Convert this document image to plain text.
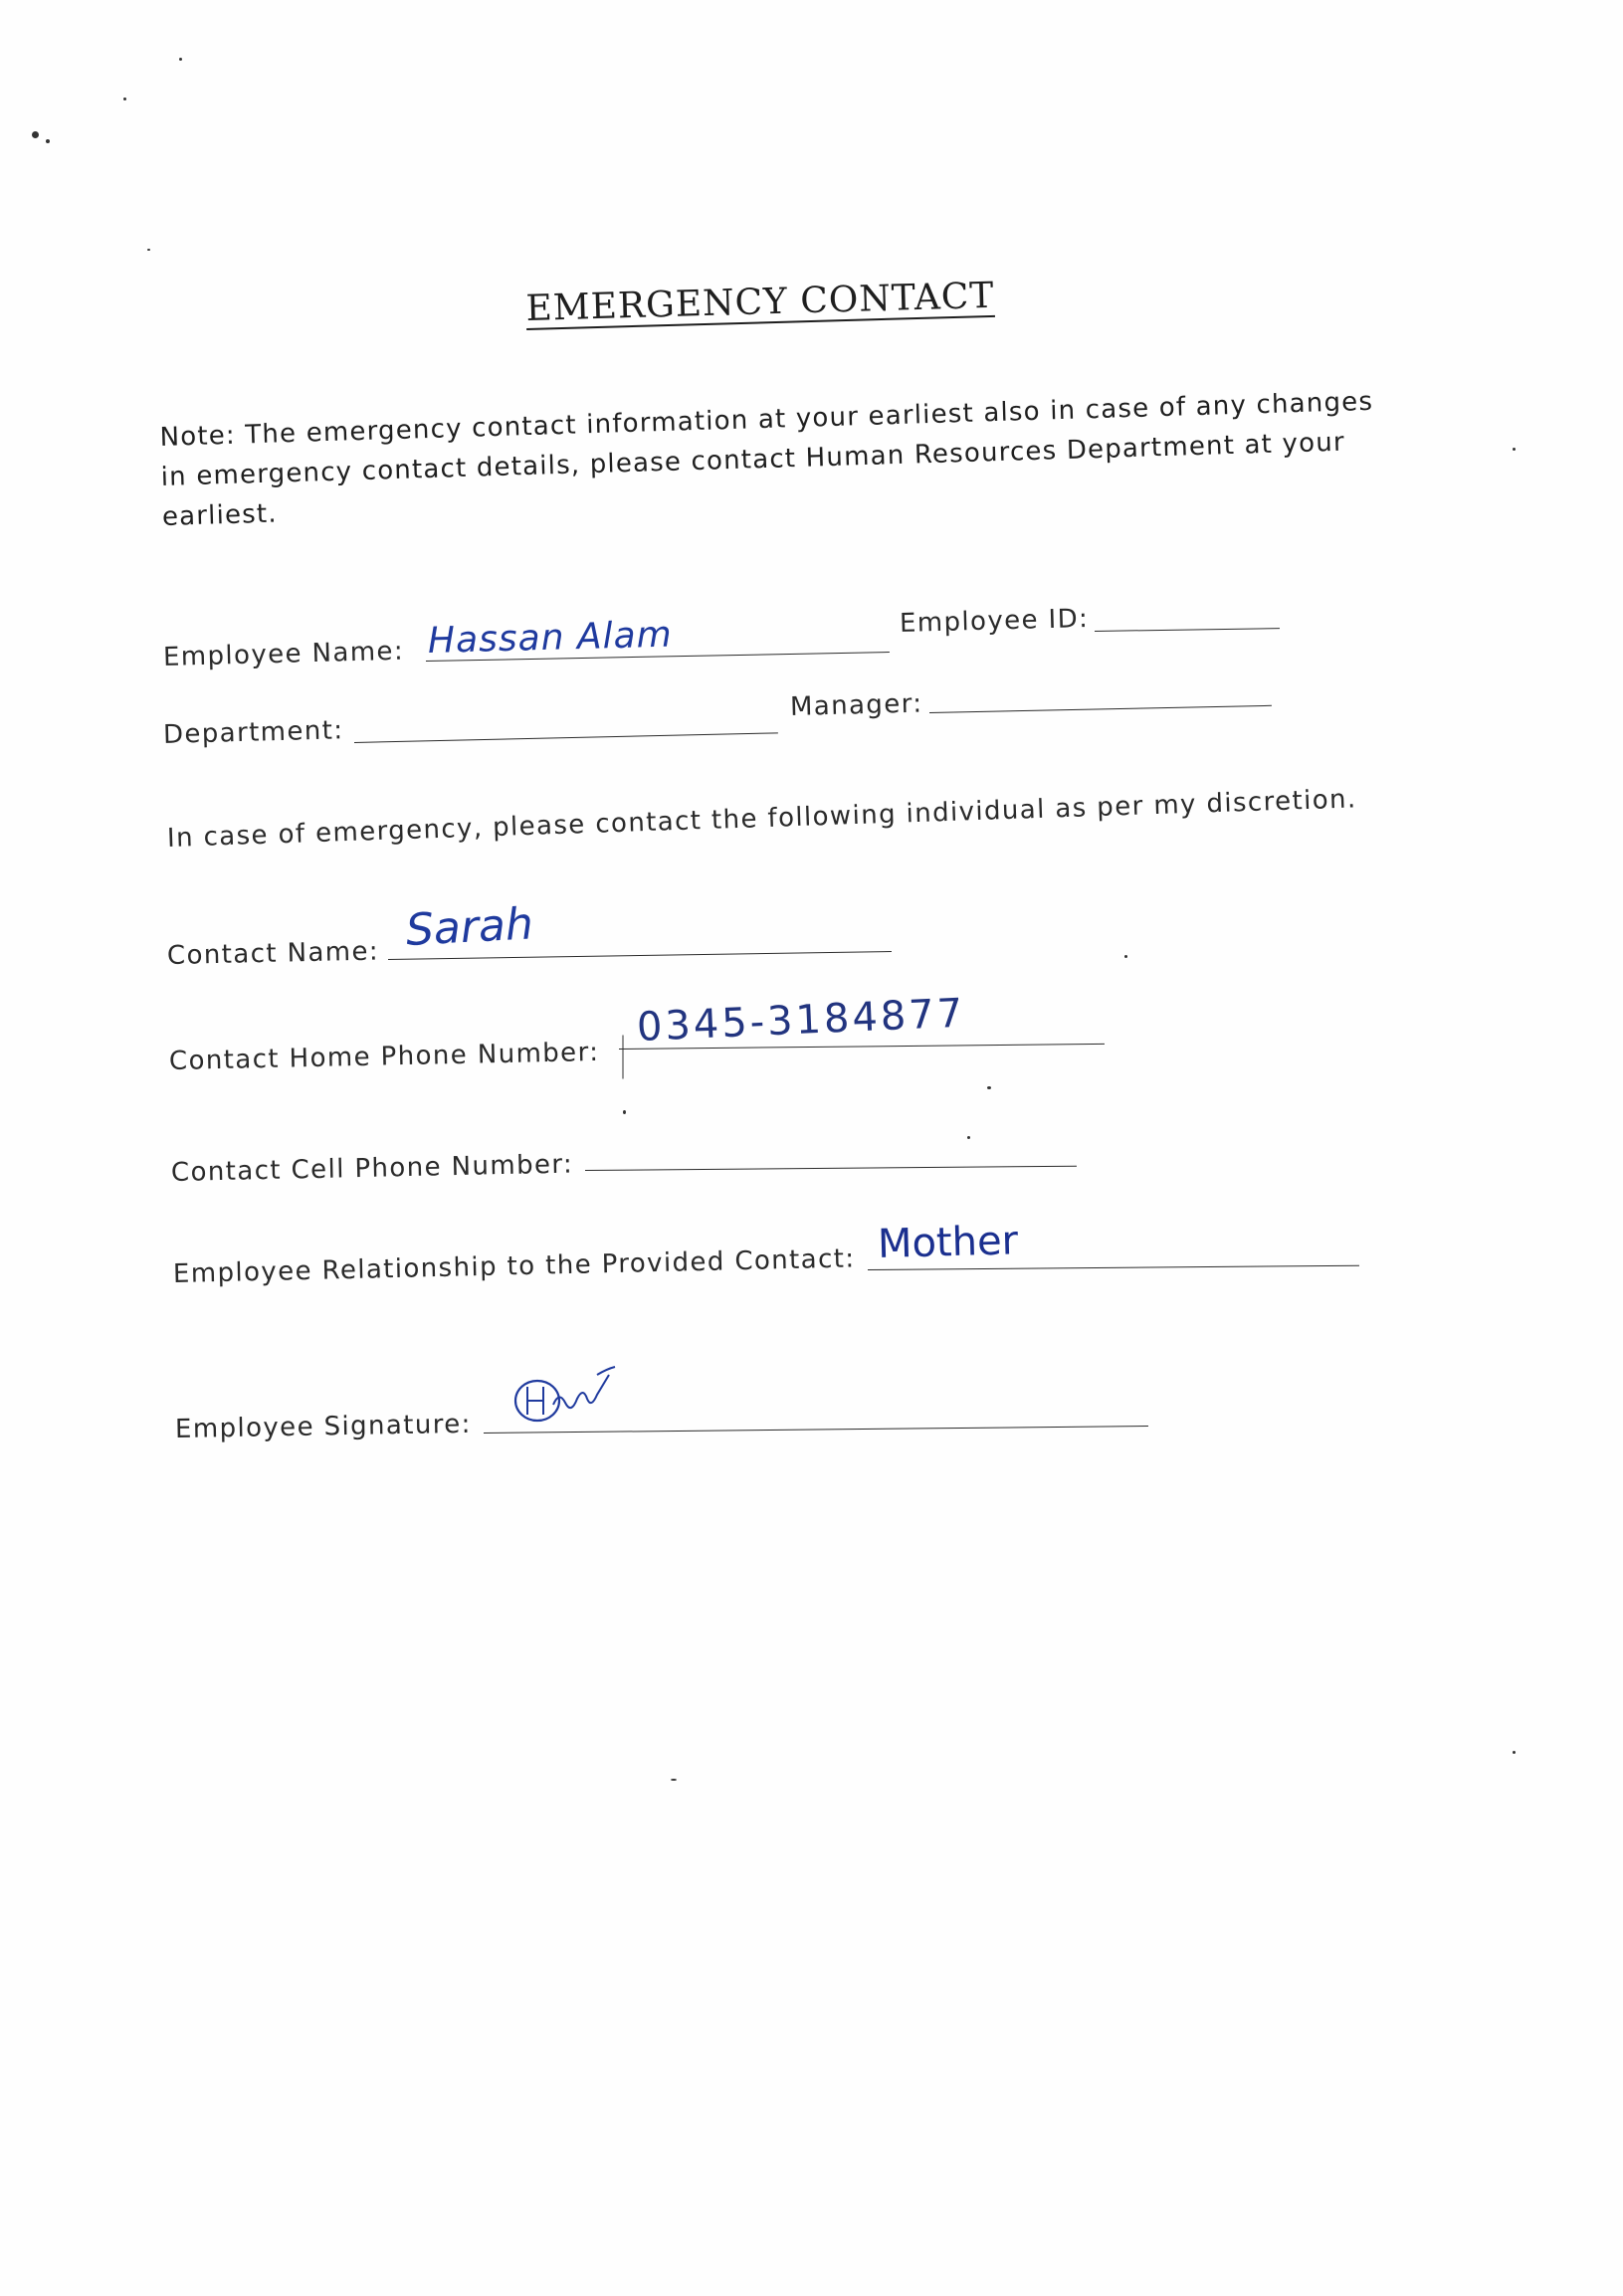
EMERGENCY CONTACT
Note: The emergency contact information at your earliest also in case of any changes in emergency contact details, please contact Human Resources Department at your earliest.
Employee Name: Hassan Alam	Employee ID:
Department:
Manager:
In case of emergency, please contact the following individual as per my discretion.
Contact Name: Sarah
Contact Home Phone Number:
0345-3184877
Contact Cell Phone Number:
Employee Relationship to the Provided Contact: Mother
Employee Signature:
